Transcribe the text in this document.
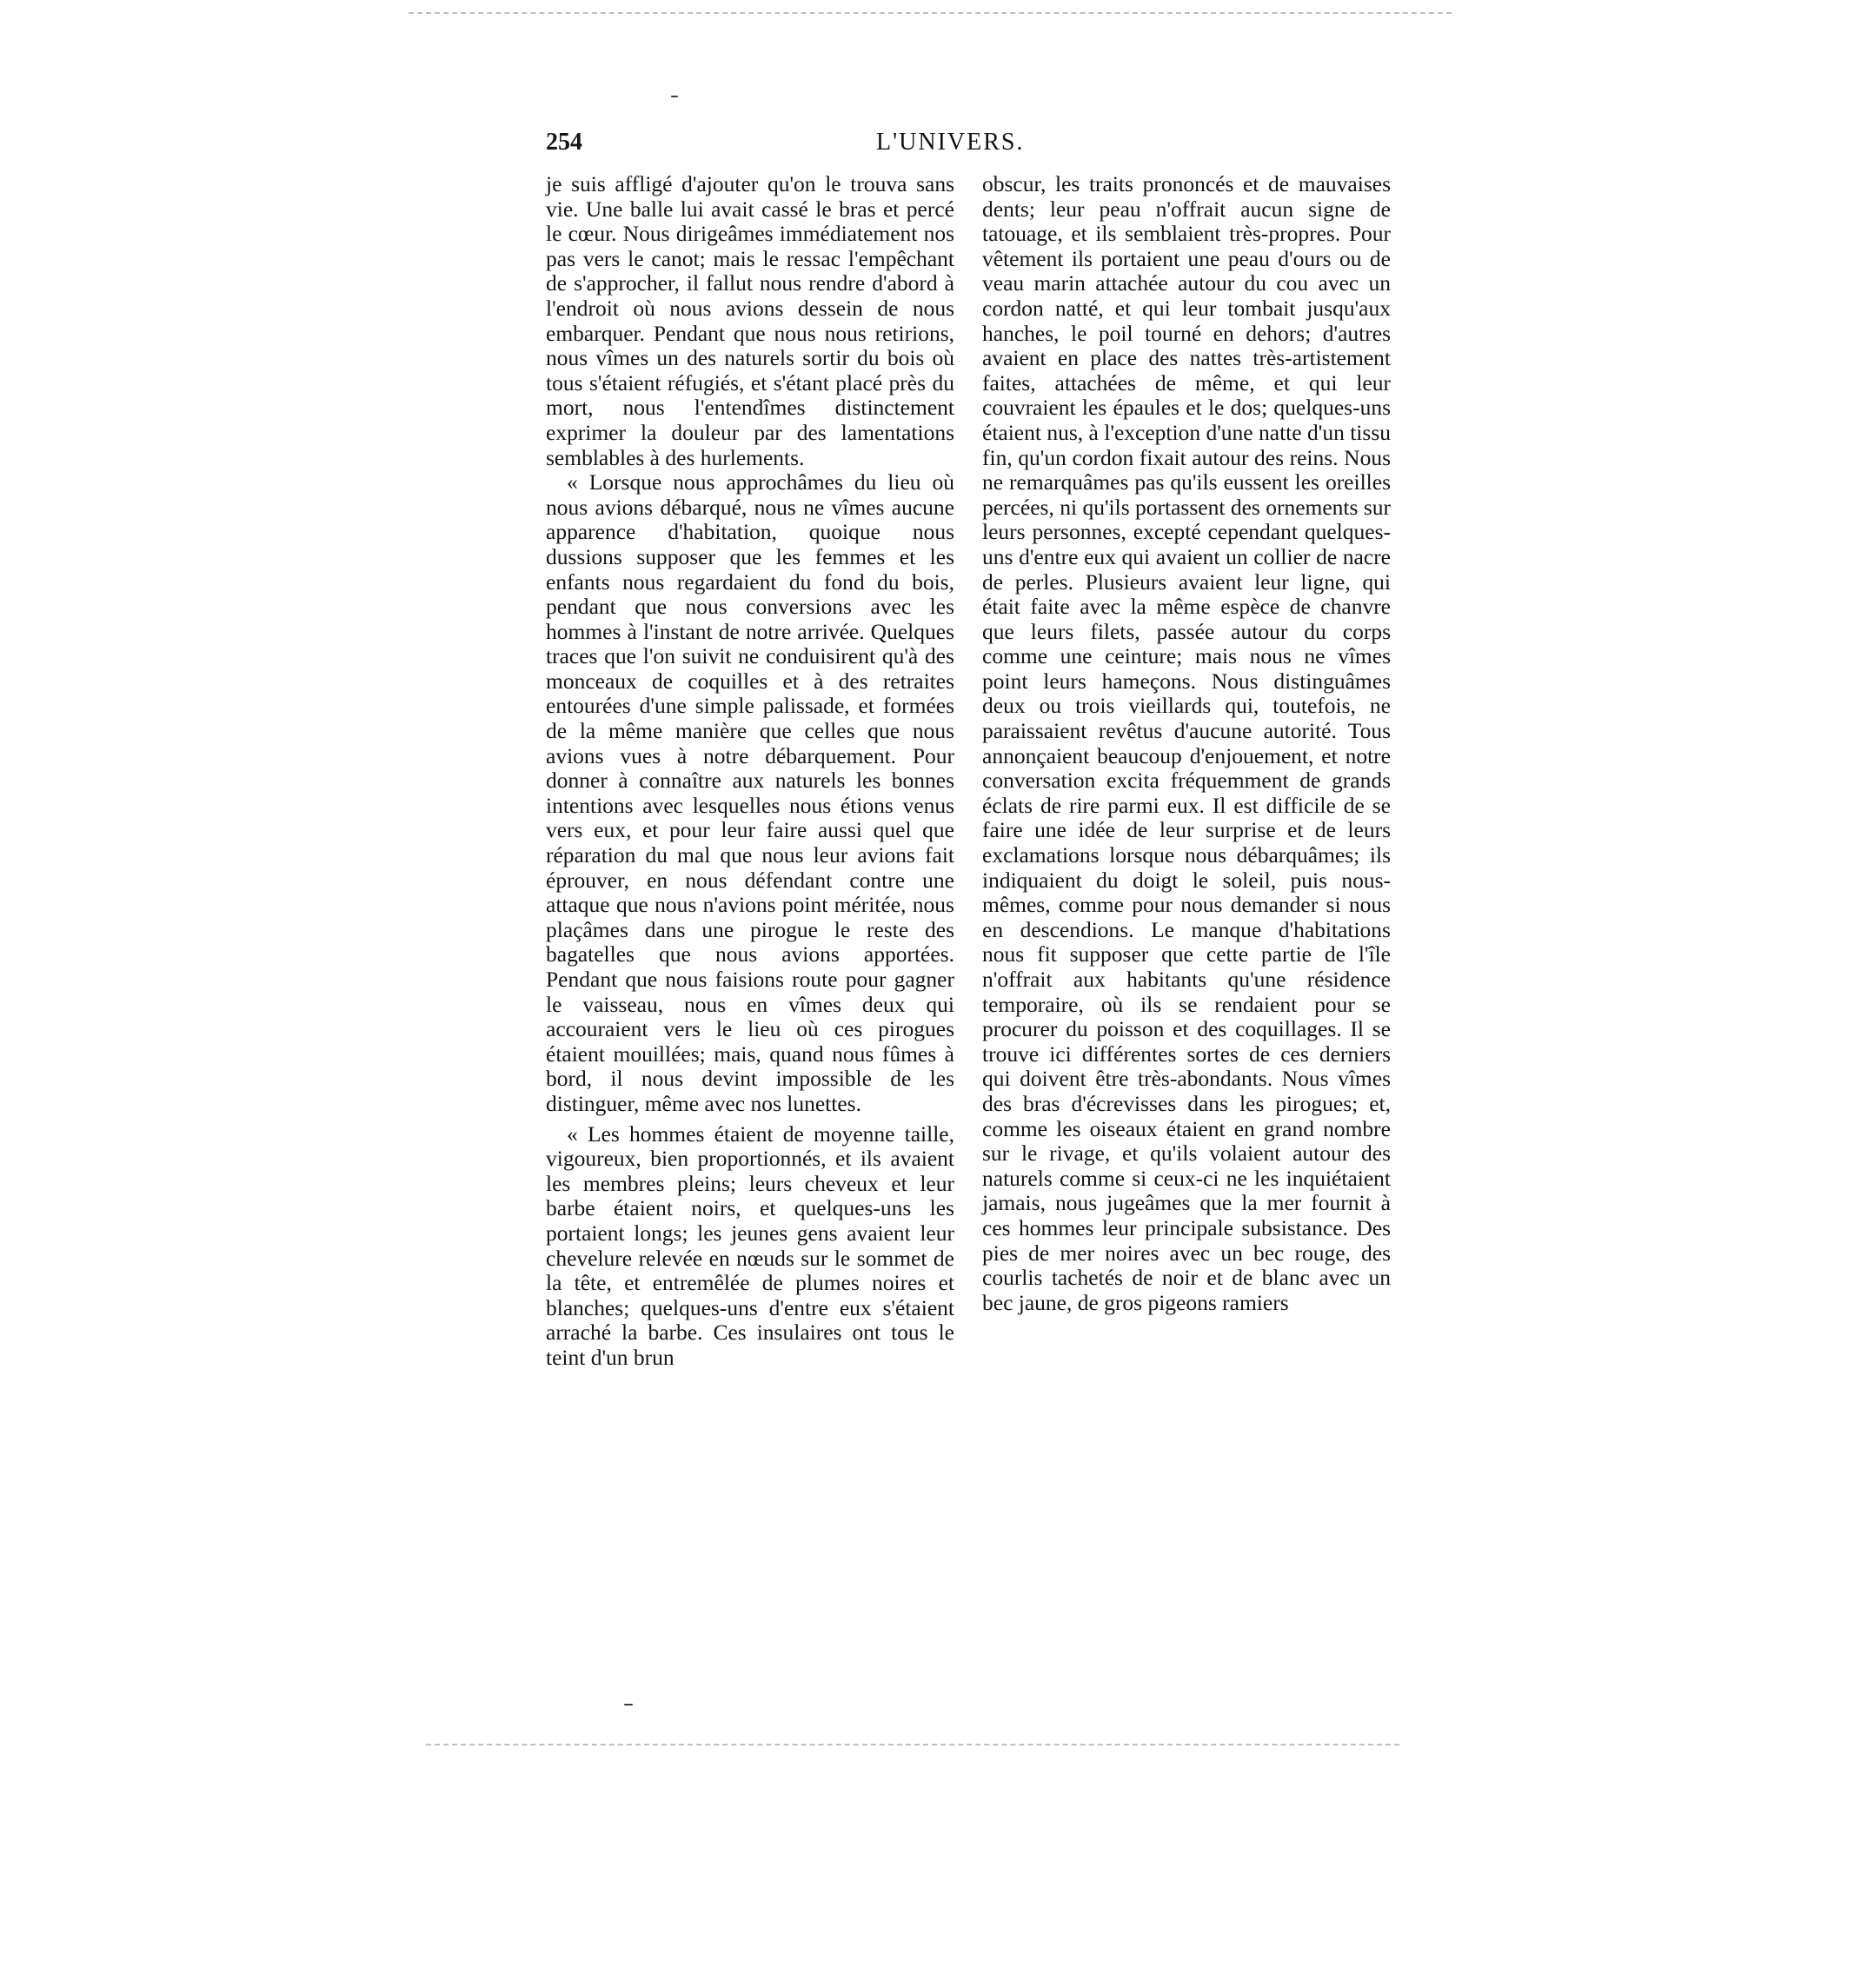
254	L'UNIVERS.

je suis affligé d'ajouter qu'on le trouva sans vie. Une balle lui avait cassé le bras et percé le cœur. Nous dirigeâmes immédiatement nos pas vers le canot; mais le ressac l'empêchant de s'approcher, il fallut nous rendre d'abord à l'endroit où nous avions dessein de nous embarquer. Pendant que nous nous retirions, nous vîmes un des naturels sortir du bois où tous s'étaient réfugiés, et s'étant placé près du mort, nous l'entendîmes distinctement exprimer la douleur par des lamentations semblables à des hurlements.

« Lorsque nous approchâmes du lieu où nous avions débarqué, nous ne vîmes aucune apparence d'habitation, quoique nous dussions supposer que les femmes et les enfants nous regardaient du fond du bois, pendant que nous conversions avec les hommes à l'instant de notre arrivée. Quelques traces que l'on suivit ne conduisirent qu'à des monceaux de coquilles et à des retraites entourées d'une simple palissade, et formées de la même manière que celles que nous avions vues à notre débarquement. Pour donner à connaître aux naturels les bonnes intentions avec lesquelles nous étions venus vers eux, et pour leur faire aussi quel que réparation du mal que nous leur avions fait éprouver, en nous défendant contre une attaque que nous n'avions point méritée, nous plaçâmes dans une pirogue le reste des bagatelles que nous avions apportées. Pendant que nous faisions route pour gagner le vaisseau, nous en vîmes deux qui accouraient vers le lieu où ces pirogues étaient mouillées; mais, quand nous fûmes à bord, il nous devint impossible de les distinguer, même avec nos lunettes.

« Les hommes étaient de moyenne taille, vigoureux, bien proportionnés, et ils avaient les membres pleins; leurs cheveux et leur barbe étaient noirs, et quelques-uns les portaient longs; les jeunes gens avaient leur chevelure relevée en nœuds sur le sommet de la tête, et entremêlée de plumes noires et blanches; quelques-uns d'entre eux s'étaient arraché la barbe. Ces insulaires ont tous le teint d'un brun

obscur, les traits prononcés et de mauvaises dents; leur peau n'offrait aucun signe de tatouage, et ils semblaient très-propres. Pour vêtement ils portaient une peau d'ours ou de veau marin attachée autour du cou avec un cordon natté, et qui leur tombait jusqu'aux hanches, le poil tourné en dehors; d'autres avaient en place des nattes très-artistement faites, attachées de même, et qui leur couvraient les épaules et le dos; quelques-uns étaient nus, à l'exception d'une natte d'un tissu fin, qu'un cordon fixait autour des reins. Nous ne remarquâmes pas qu'ils eussent les oreilles percées, ni qu'ils portassent des ornements sur leurs personnes, excepté cependant quelques-uns d'entre eux qui avaient un collier de nacre de perles. Plusieurs avaient leur ligne, qui était faite avec la même espèce de chanvre que leurs filets, passée autour du corps comme une ceinture; mais nous ne vîmes point leurs hameçons. Nous distinguâmes deux ou trois vieillards qui, toutefois, ne paraissaient revêtus d'aucune autorité. Tous annonçaient beaucoup d'enjouement, et notre conversation excita fréquemment de grands éclats de rire parmi eux. Il est difficile de se faire une idée de leur surprise et de leurs exclamations lorsque nous débarquâmes; ils indiquaient du doigt le soleil, puis nous-mêmes, comme pour nous demander si nous en descendions. Le manque d'habitations nous fit supposer que cette partie de l'île n'offrait aux habitants qu'une résidence temporaire, où ils se rendaient pour se procurer du poisson et des coquillages. Il se trouve ici différentes sortes de ces derniers qui doivent être très-abondants. Nous vîmes des bras d'écrevisses dans les pirogues; et, comme les oiseaux étaient en grand nombre sur le rivage, et qu'ils volaient autour des naturels comme si ceux-ci ne les inquiétaient jamais, nous jugeâmes que la mer fournit à ces hommes leur principale subsistance. Des pies de mer noires avec un bec rouge, des courlis tachetés de noir et de blanc avec un bec jaune, de gros pigeons ramiers
